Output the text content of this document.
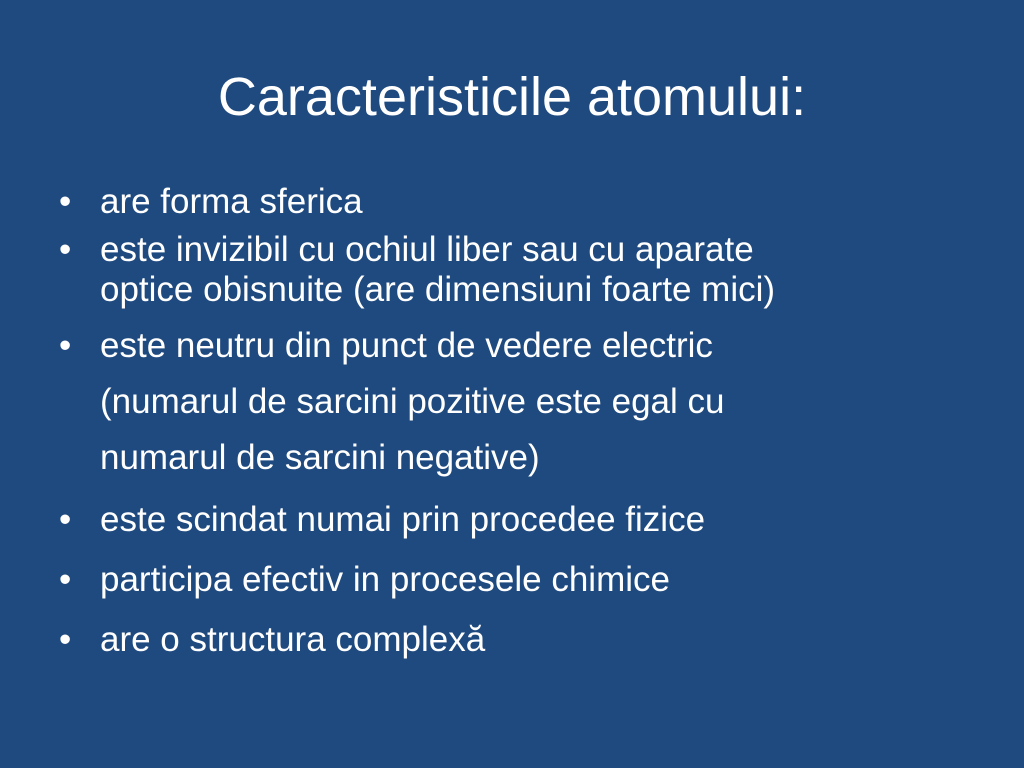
Caracteristicile atomului:
• are forma sferica
• este invizibil cu ochiul liber sau cu aparate
optice obisnuite (are dimensiuni foarte mici)
• este neutru din punct de vedere electric
(numarul de sarcini pozitive este egal cu
numarul de sarcini negative)
• este scindat numai prin procedee fizice
• participa efectiv in procesele chimice
• are o structura complexă
